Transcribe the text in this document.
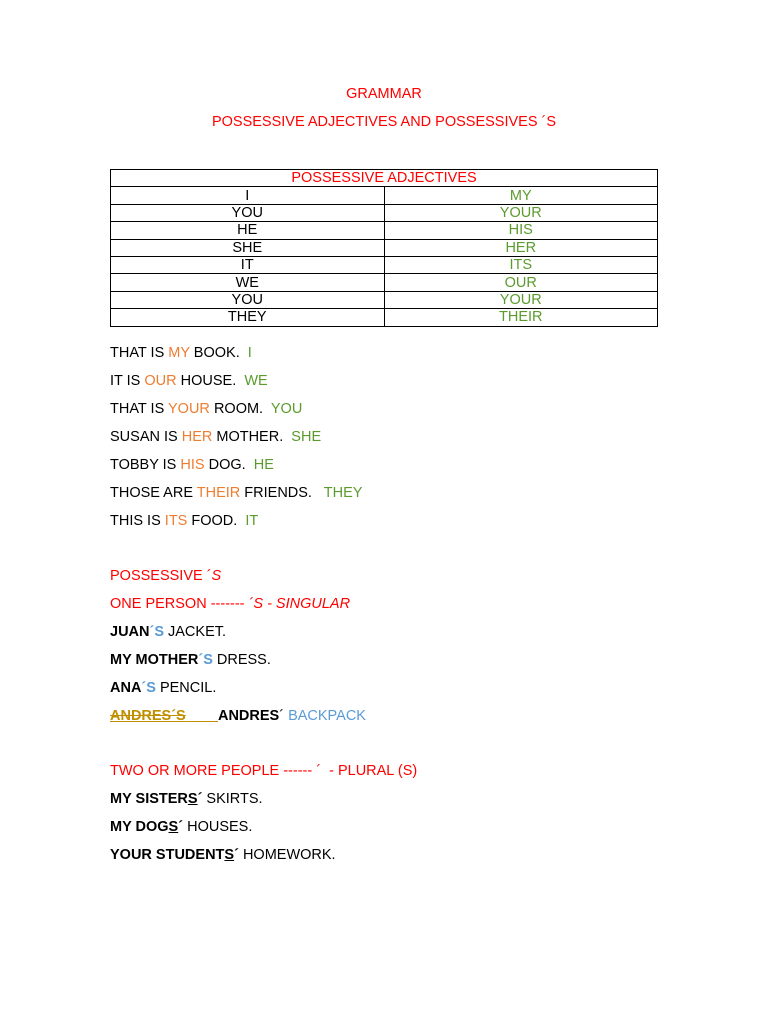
GRAMMAR
POSSESSIVE ADJECTIVES AND POSSESSIVES ´S
POSSESSIVE ADJECTIVES	
I	MY
YOU	YOUR
HE	HIS
SHE	HER
IT	ITS
WE	OUR
YOU	YOUR
THEY	THEIR
THAT IS MY BOOK.  I
IT IS OUR HOUSE.  WE
THAT IS YOUR ROOM.  YOU
SUSAN IS HER MOTHER.  SHE
TOBBY IS HIS DOG.  HE
THOSE ARE THEIR FRIENDS.   THEY
THIS IS ITS FOOD.  IT
POSSESSIVE ´S
ONE PERSON ------- ´S - SINGULAR
JUAN´S JACKET.
MY MOTHER´S DRESS.
ANA´S PENCIL.
ANDRES´S ANDRES´ BACKPACK
TWO OR MORE PEOPLE ------ ´  - PLURAL (S)
MY SISTERS´ SKIRTS.
MY DOGS´ HOUSES.
YOUR STUDENTS´ HOMEWORK.
